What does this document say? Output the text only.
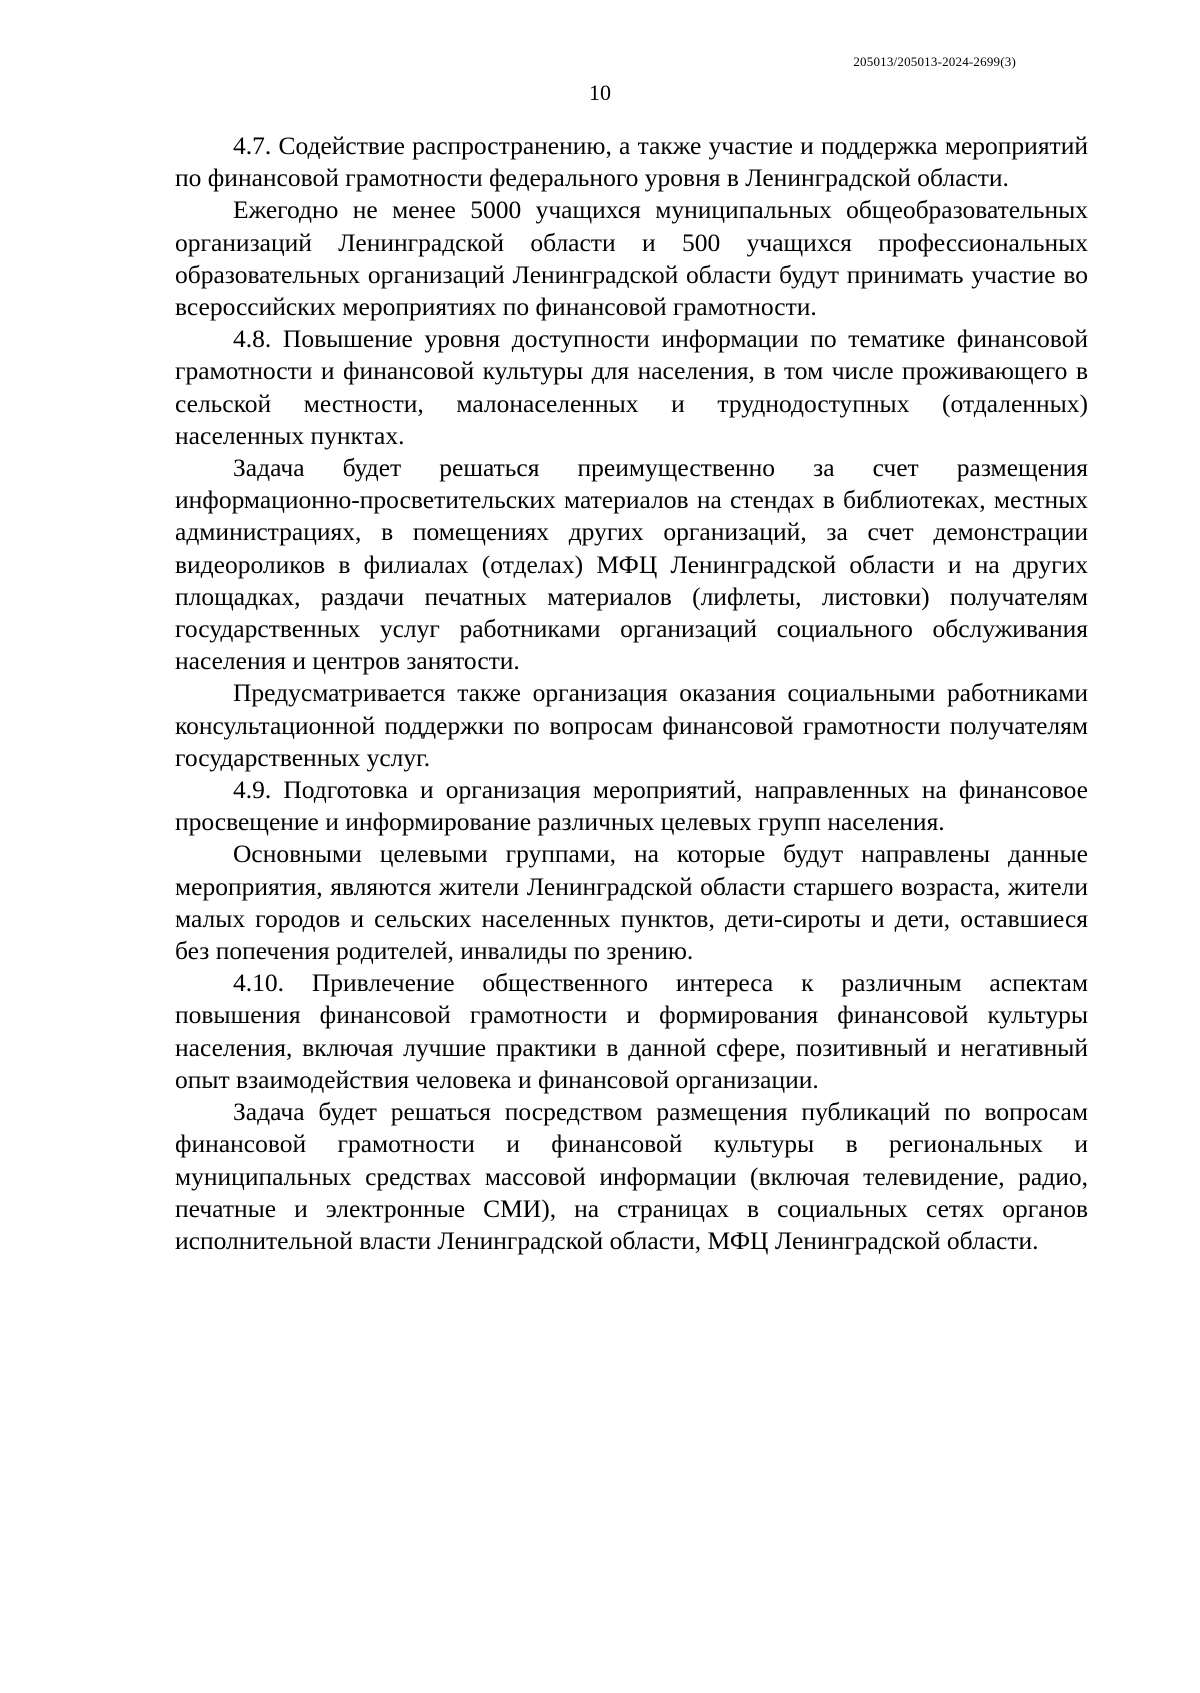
205013/205013-2024-2699(3)
10

4.7. Содействие распространению, а также участие и поддержка мероприятий по финансовой грамотности федерального уровня в Ленинградской области.

Ежегодно не менее 5000 учащихся муниципальных общеобразовательных организаций Ленинградской области и 500 учащихся профессиональных образовательных организаций Ленинградской области будут принимать участие во всероссийских мероприятиях по финансовой грамотности.

4.8. Повышение уровня доступности информации по тематике финансовой грамотности и финансовой культуры для населения, в том числе проживающего в сельской местности, малонаселенных и труднодоступных (отдаленных) населенных пунктах.

Задача будет решаться преимущественно за счет размещения информационно-просветительских материалов на стендах в библиотеках, местных администрациях, в помещениях других организаций, за счет демонстрации видеороликов в филиалах (отделах) МФЦ Ленинградской области и на других площадках, раздачи печатных материалов (лифлеты, листовки) получателям государственных услуг работниками организаций социального обслуживания населения и центров занятости.

Предусматривается также организация оказания социальными работниками консультационной поддержки по вопросам финансовой грамотности получателям государственных услуг.

4.9. Подготовка и организация мероприятий, направленных на финансовое просвещение и информирование различных целевых групп населения.

Основными целевыми группами, на которые будут направлены данные мероприятия, являются жители Ленинградской области старшего возраста, жители малых городов и сельских населенных пунктов, дети-сироты и дети, оставшиеся без попечения родителей, инвалиды по зрению.

4.10. Привлечение общественного интереса к различным аспектам повышения финансовой грамотности и формирования финансовой культуры населения, включая лучшие практики в данной сфере, позитивный и негативный опыт взаимодействия человека и финансовой организации.

Задача будет решаться посредством размещения публикаций по вопросам финансовой грамотности и финансовой культуры в региональных и муниципальных средствах массовой информации (включая телевидение, радио, печатные и электронные СМИ), на страницах в социальных сетях органов исполнительной власти Ленинградской области, МФЦ Ленинградской области.
